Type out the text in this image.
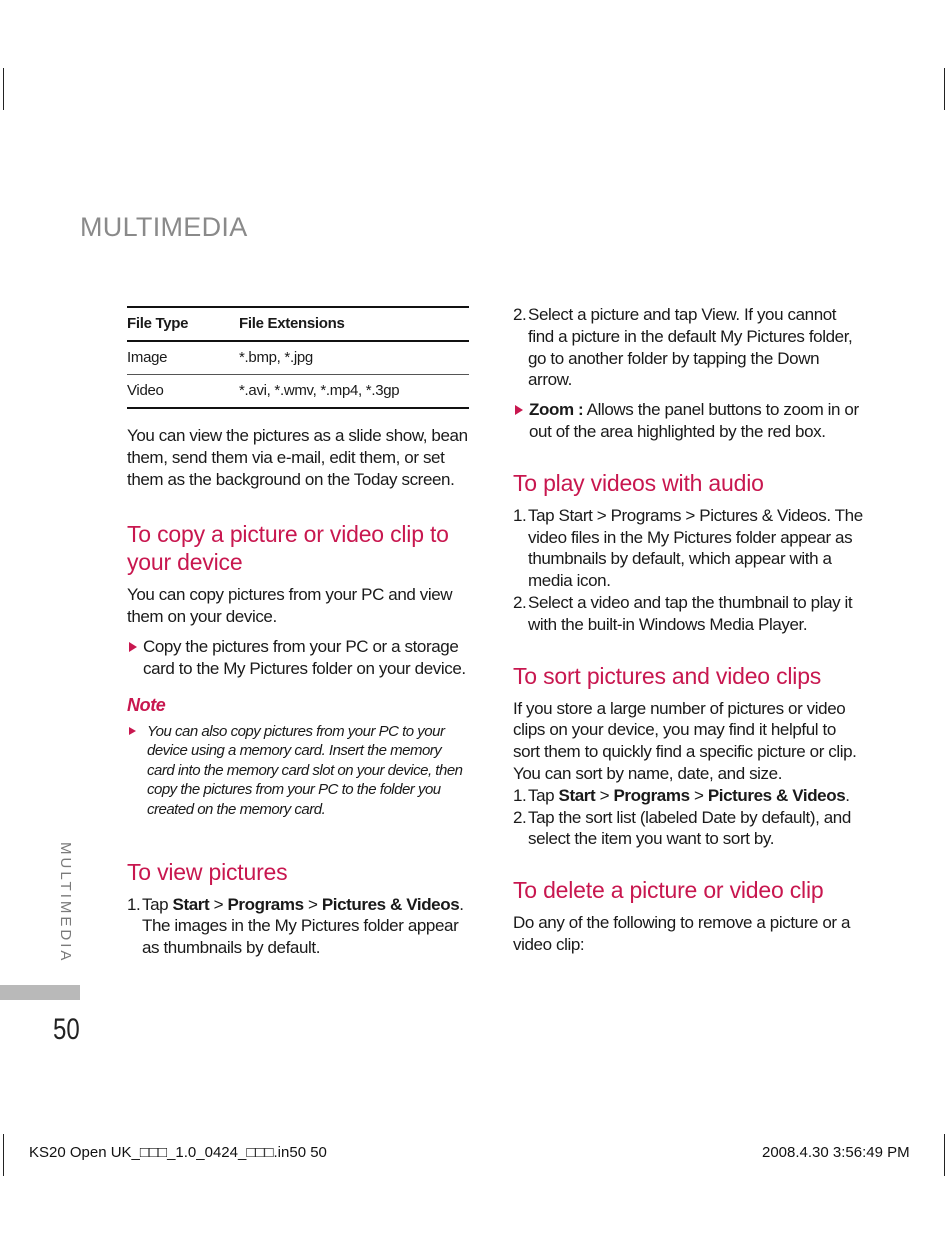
MULTIMEDIA
MULTIMEDIA
50
File Type	File Extensions
Image	*.bmp, *.jpg
Video	*.avi, *.wmv, *.mp4, *.3gp

You can view the pictures as a slide show, bean them, send them via e-mail, edit them, or set them as the background on the Today screen.

To copy a picture or video clip to your device

You can copy pictures from your PC and view them on your device.

Copy the pictures from your PC or a storage card to the My Pictures folder on your device.
Note
You can also copy pictures from your PC to your device using a memory card. Insert the memory card into the memory card slot on your device, then copy the pictures from your PC to the folder you created on the memory card.
To view pictures
1. Tap Start > Programs > Pictures & Videos. The images in the My Pictures folder appear as thumbnails by default.
2. Select a picture and tap View. If you cannot find a picture in the default My Pictures folder, go to another folder by tapping the Down arrow.
Zoom : Allows the panel buttons to zoom in or out of the area highlighted by the red box.
To play videos with audio
1. Tap Start > Programs > Pictures & Videos. The video files in the My Pictures folder appear as thumbnails by default, which appear with a media icon.
2. Select a video and tap the thumbnail to play it with the built-in Windows Media Player.
To sort pictures and video clips

If you store a large number of pictures or video clips on your device, you may find it helpful to sort them to quickly find a specific picture or clip. You can sort by name, date, and size.

1. Tap Start > Programs > Pictures & Videos.
2. Tap the sort list (labeled Date by default), and select the item you want to sort by.
To delete a picture or video clip

Do any of the following to remove a picture or a video clip:

KS20 Open UK_□□□_1.0_0424_□□□.in50 50	2008.4.30 3:56:49 PM
